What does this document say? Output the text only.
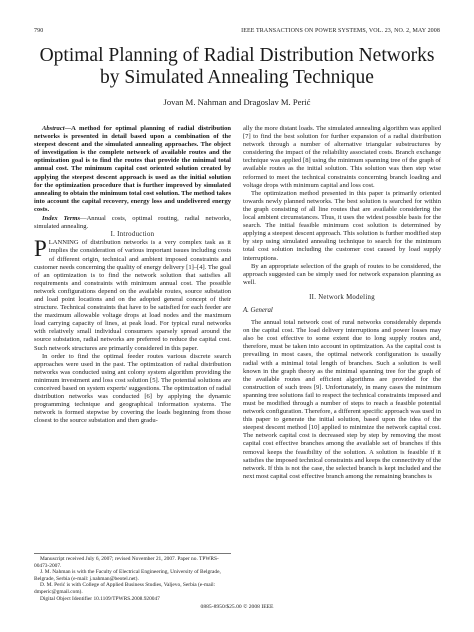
790	IEEE TRANSACTIONS ON POWER SYSTEMS, VOL. 23, NO. 2, MAY 2008
Optimal Planning of Radial Distribution Networks
by Simulated Annealing Technique
Jovan M. Nahman and Dragoslav M. Perić

Abstract—A method for optimal planning of radial distribution networks is presented in detail based upon a combination of the steepest descent and the simulated annealing approaches. The object of investigation is the complete network of available routes and the optimization goal is to find the routes that provide the minimal total annual cost. The minimum capital cost oriented solution created by applying the steepest descent approach is used as the initial solution for the optimization procedure that is further improved by simulated annealing to obtain the minimum total cost solution. The method takes into account the capital recovery, energy loss and undelivered energy costs.

Index Terms—Annual costs, optimal routing, radial networks, simulated annealing.

I. Introduction

PLANNING of distribution networks is a very complex task as it implies the consideration of various important issues including costs of different origin, technical and ambient imposed constraints and customer needs concerning the quality of energy delivery [1]–[4]. The goal of an optimization is to find the network solution that satisfies all requirements and constraints with minimum annual cost. The possible network configurations depend on the available routes, source substation and load point locations and on the adopted general concept of their structure. Technical constraints that have to be satisfied for each feeder are the maximum allowable voltage drops at load nodes and the maximum load carrying capacity of lines, at peak load. For typical rural networks with relatively small individual consumers sparsely spread around the source substation, radial networks are preferred to reduce the capital cost. Such network structures are primarily considered in this paper.

In order to find the optimal feeder routes various discrete search approaches were used in the past. The optimization of radial distribution networks was conducted using ant colony system algorithm providing the minimum investment and loss cost solution [5]. The potential solutions are conceived based on system experts' suggestions. The optimization of radial distribution networks was conducted [6] by applying the dynamic programming technique and geographical information systems. The network is formed stepwise by covering the loads beginning from those closest to the source substation and then gradu-

Manuscript received July 6, 2007; revised November 21, 2007. Paper no. TPWRS-00473-2007.

J. M. Nahman is with the Faculty of Electrical Engineering, University of Belgrade, Belgrade, Serbia (e-mail: j.nahman@beotel.net).

D. M. Perić is with College of Applied Business Studies, Valjevo, Serbia (e-mail: dmperic@gmail.com).

Digital Object Identifier 10.1109/TPWRS.2008.920047

ally the more distant loads. The simulated annealing algorithm was applied [7] to find the best solution for further expansion of a radial distribution network through a number of alternative triangular substructures by considering the impact of the reliability associated costs. Branch exchange technique was applied [8] using the minimum spanning tree of the graph of available routes as the initial solution. This solution was then step wise reformed to meet the technical constraints concerning branch loading and voltage drops with minimum capital and loss cost.

The optimization method presented in this paper is primarily oriented towards newly planned networks. The best solution is searched for within the graph consisting of all line routes that are available considering the local ambient circumstances. Thus, it uses the widest possible basis for the search. The initial feasible minimum cost solution is determined by applying a steepest descent approach. This solution is further modified step by step using simulated annealing technique to search for the minimum total cost solution including the customer cost caused by load supply interruptions.

By an appropriate selection of the graph of routes to be considered, the approach suggested can be simply used for network expansion planning as well.

II. Network Modeling

A. General

The annual total network cost of rural networks considerably depends on the capital cost. The load delivery interruptions and power losses may also be cost effective to some extent due to long supply routes and, therefore, must be taken into account in optimization. As the capital cost is prevailing in most cases, the optimal network configuration is usually radial with a minimal total length of branches. Such a solution is well known in the graph theory as the minimal spanning tree for the graph of the available routes and efficient algorithms are provided for the construction of such trees [9]. Unfortunately, in many cases the minimum spanning tree solutions fail to respect the technical constraints imposed and must be modified through a number of steps to reach a feasible potential network configuration. Therefore, a different specific approach was used in this paper to generate the initial solution, based upon the idea of the steepest descent method [10] applied to minimize the network capital cost. The network capital cost is decreased step by step by removing the most capital cost effective branches among the available set of branches if this removal keeps the feasibility of the solution. A solution is feasible if it satisfies the imposed technical constraints and keeps the connectivity of the network. If this is not the case, the selected branch is kept included and the next most capital cost effective branch among the remaining branches is

0885-8950/$25.00 © 2008 IEEE
